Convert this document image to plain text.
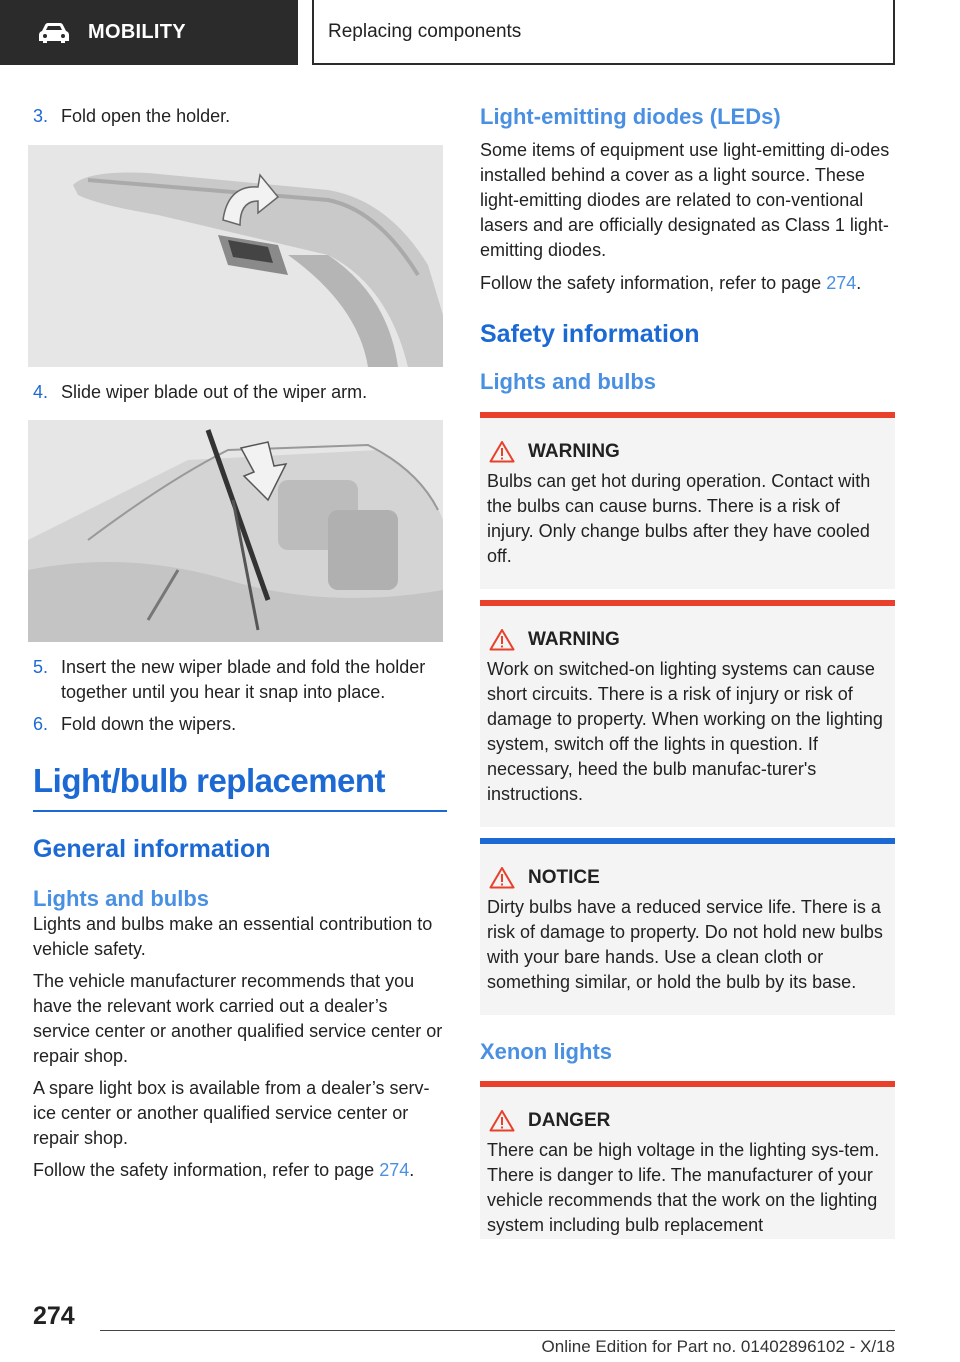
MOBILITY	Replacing components
3. Fold open the holder.
4. Slide wiper blade out of the wiper arm.
5. Insert the new wiper blade and fold the holder together until you hear it snap into place.
6. Fold down the wipers.
Light/bulb replacement
General information
Lights and bulbs

Lights and bulbs make an essential contribution to vehicle safety.

The vehicle manufacturer recommends that you have the relevant work carried out a dealer’s service center or another qualified service center or repair shop.

A spare light box is available from a dealer’s serv‐ice center or another qualified service center or repair shop.

Follow the safety information, refer to page 274.

Light-emitting diodes (LEDs)

Some items of equipment use light-emitting di‐odes installed behind a cover as a light source. These light-emitting diodes are related to con‐ventional lasers and are officially designated as Class 1 light-emitting diodes.

Follow the safety information, refer to page 274.

Safety information
Lights and bulbs
WARNING

Bulbs can get hot during operation. Contact with the bulbs can cause burns. There is a risk of injury. Only change bulbs after they have cooled off.

WARNING

Work on switched-on lighting systems can cause short circuits. There is a risk of injury or risk of damage to property. When working on the lighting system, switch off the lights in question. If necessary, heed the bulb manufac‐turer's instructions.

NOTICE

Dirty bulbs have a reduced service life. There is a risk of damage to property. Do not hold new bulbs with your bare hands. Use a clean cloth or something similar, or hold the bulb by its base.

Xenon lights
DANGER

There can be high voltage in the lighting sys‐tem. There is danger to life. The manufacturer of your vehicle recommends that the work on the lighting system including bulb replacement

274
Online Edition for Part no. 01402896102 - X/18
